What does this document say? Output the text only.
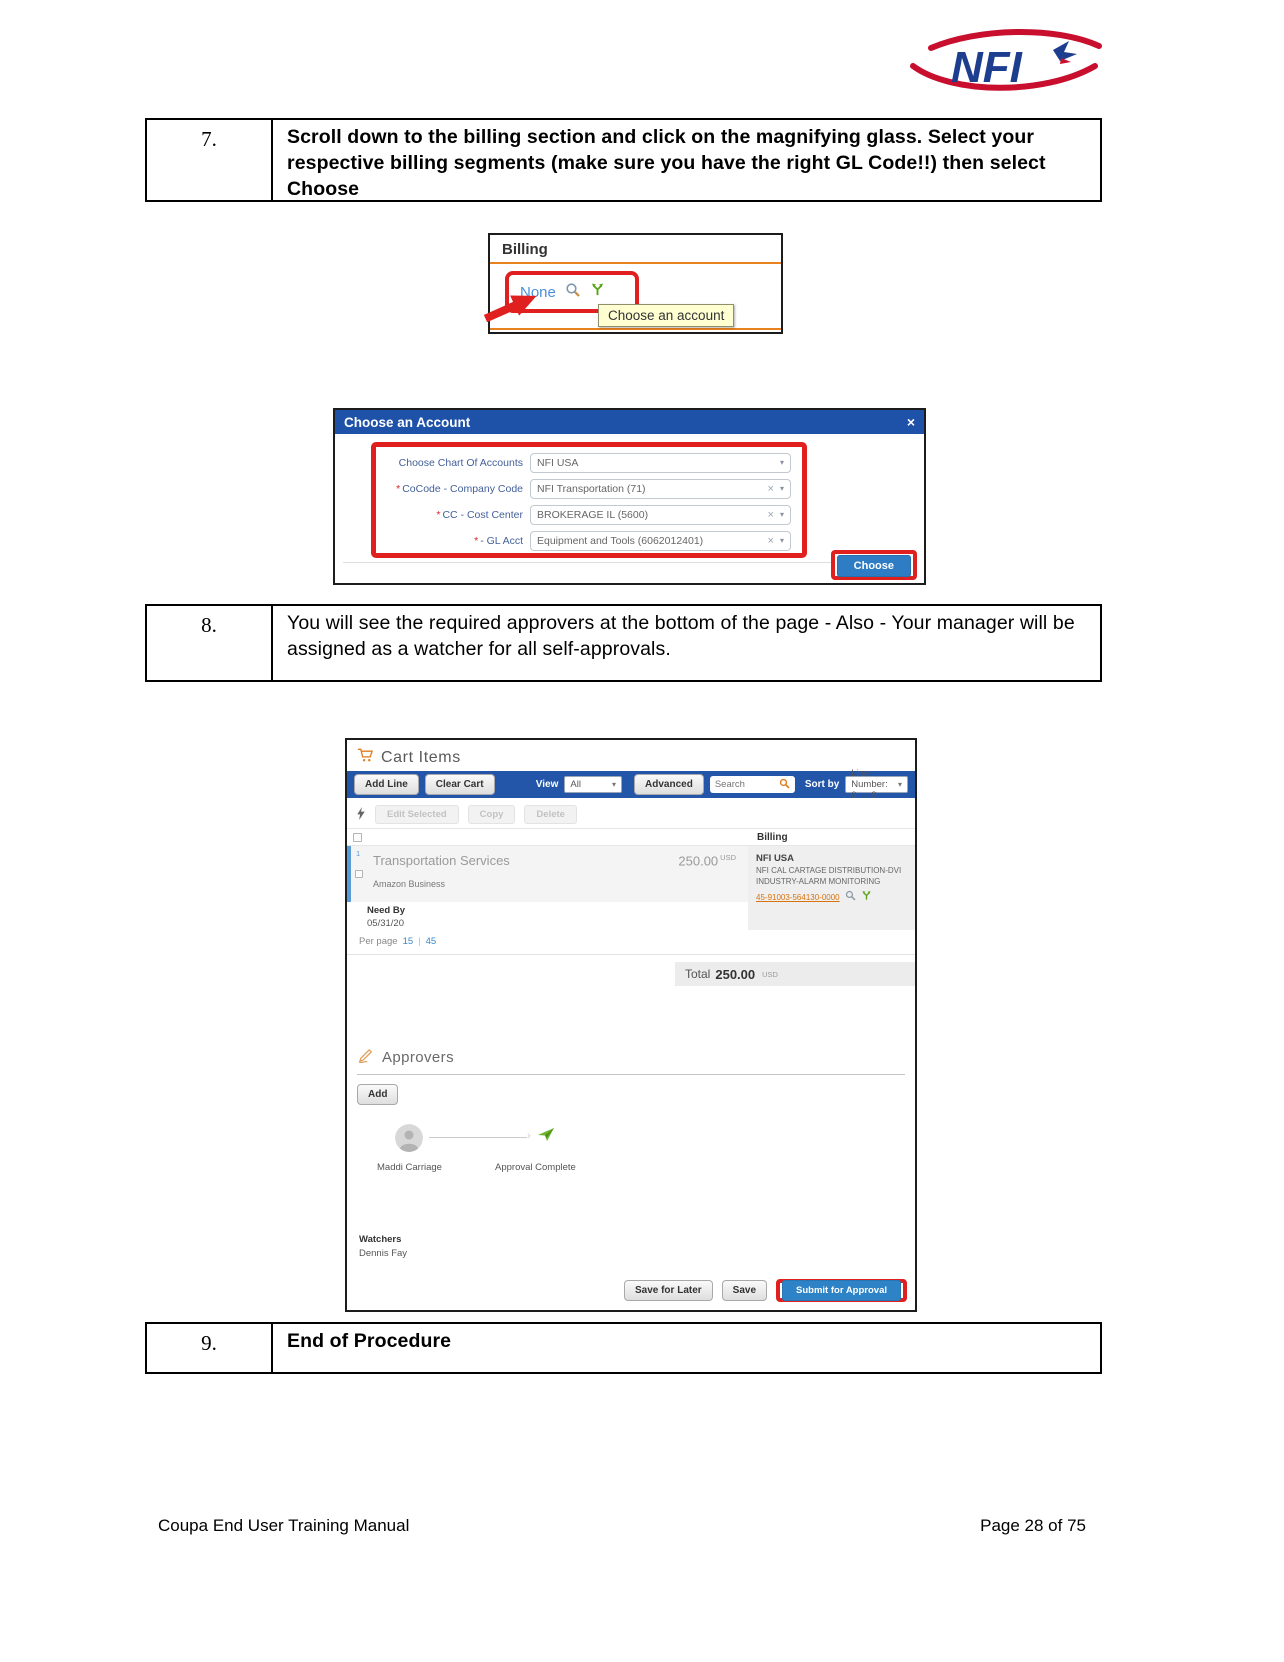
NFI
7.	Scroll down to the billing section and click on the magnifying glass. Select your respective billing segments (make sure you have the right GL Code!!) then select Choose
Billing
None
Choose an account
Choose an Account	×
Choose Chart Of Accounts NFI USA	▾
* CoCode - Company Code NFI Transportation (71)	× ▾
* CC - Cost Center BROKERAGE IL (5600)	× ▾
* - GL Acct Equipment and Tools (6062012401)	× ▾
Choose
8.	You will see the required approvers at the bottom of the page - Also - Your manager will be assigned as a watcher for all self-approvals.
Cart Items
Add Line	Clear Cart	View All	▾	Advanced
Search	Sort by
Line Number: 0 → 9
▾
Edit Selected	Copy	Delete
Billing
1 Transportation Services
Amazon Business
250.00 $^{USD}$ NFI USA
NFI CAL CARTAGE DISTRIBUTION-DVI
INDUSTRY-ALARM MONITORING
45-91003-564130-0000
Need By
05/31/20
Per page 15 | 45
Total 250.00 USD
Approvers
Add
›
Maddi Carriage	Approval Complete
Watchers
Dennis Fay
Save for Later	Save	Submit for Approval
9.	End of Procedure
Coupa End User Training Manual	Page 28 of 75
